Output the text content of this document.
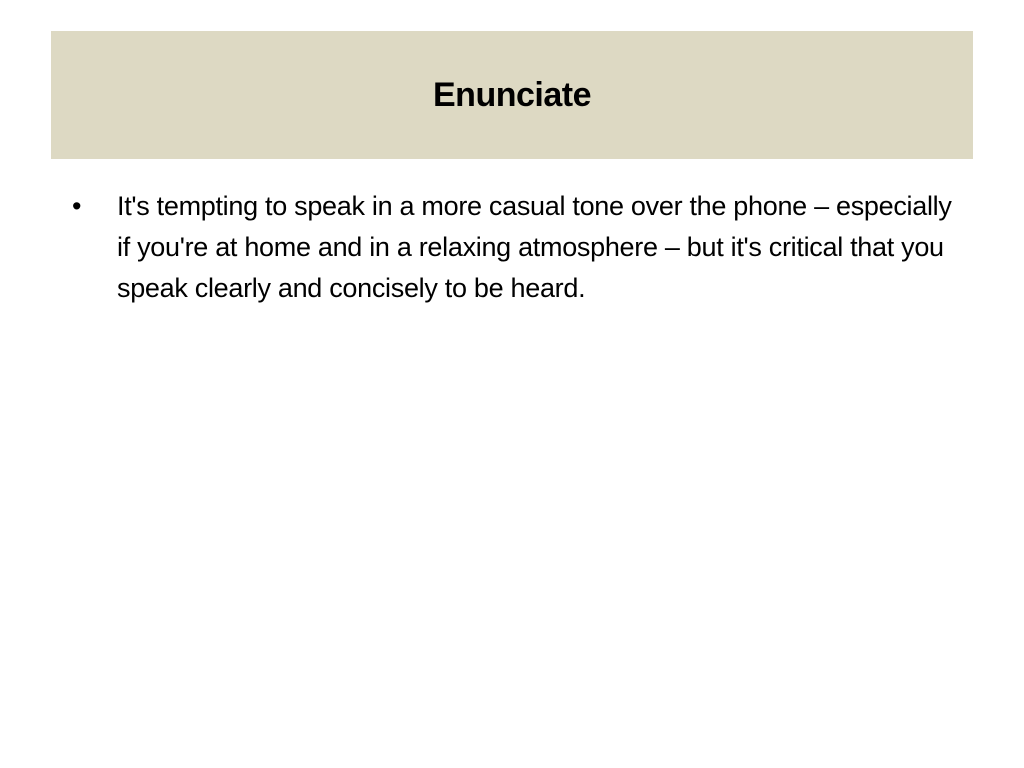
Enunciate
•	It's tempting to speak in a more casual tone over the phone – especially if you're at home and in a relaxing atmosphere – but it's critical that you speak clearly and concisely to be heard.
